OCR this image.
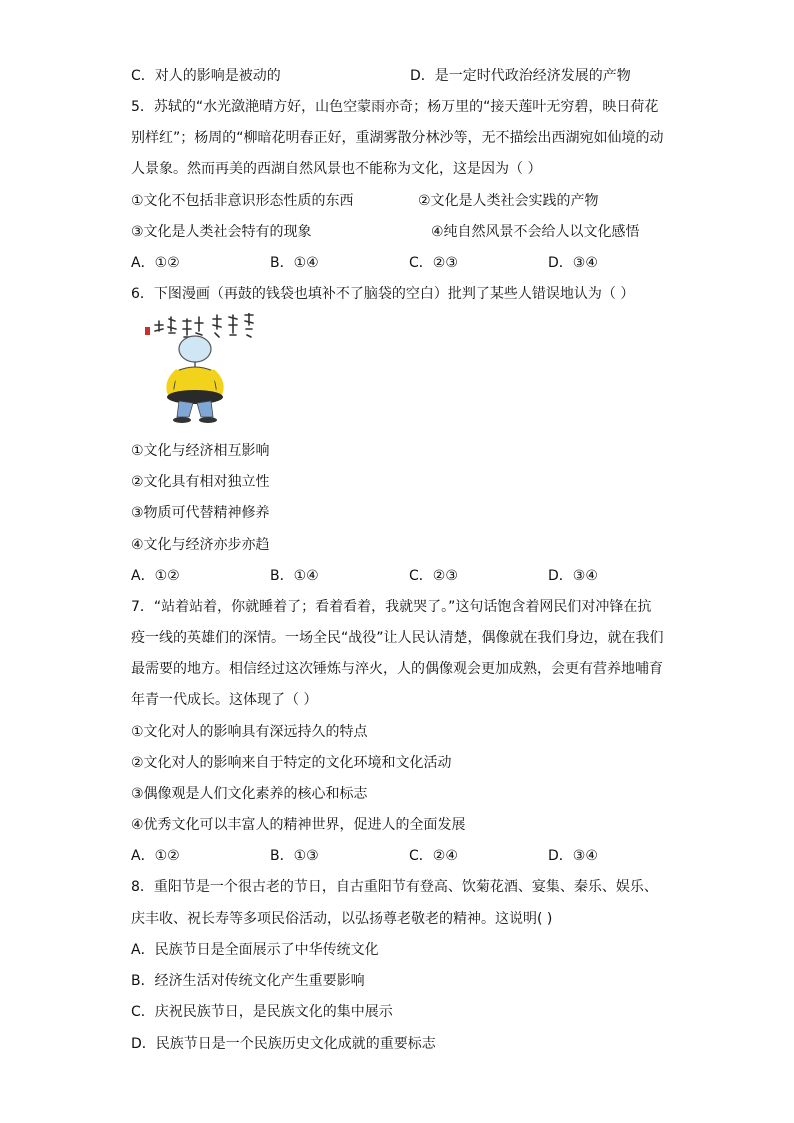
C．对人的影响是被动的	D．是一定时代政治经济发展的产物
5．苏轼的“水光潋滟晴方好，山色空蒙雨亦奇；杨万里的“接天莲叶无穷碧，映日荷花
别样红”；杨周的“柳暗花明春正好，重湖雾散分林沙等，无不描绘出西湖宛如仙境的动
人景象。然而再美的西湖自然风景也不能称为文化，这是因为（ ）
①文化不包括非意识形态性质的东西	②文化是人类社会实践的产物
③文化是人类社会特有的现象	④纯自然风景不会给人以文化感悟
A．①②	B．①④	C．②③	D．③④
6．下图漫画（再鼓的钱袋也填补不了脑袋的空白）批判了某些人错误地认为（ ）
①文化与经济相互影响
②文化具有相对独立性
③物质可代替精神修养
④文化与经济亦步亦趋
A．①②	B．①④	C．②③	D．③④
7．“站着站着，你就睡着了；看着看着，我就哭了。”这句话饱含着网民们对冲锋在抗
疫一线的英雄们的深情。一场全民“战役”让人民认清楚，偶像就在我们身边，就在我们
最需要的地方。相信经过这次锤炼与淬火，人的偶像观会更加成熟，会更有营养地哺育
年青一代成长。这体现了（ ）
①文化对人的影响具有深远持久的特点
②文化对人的影响来自于特定的文化环境和文化活动
③偶像观是人们文化素养的核心和标志
④优秀文化可以丰富人的精神世界，促进人的全面发展
A．①②	B．①③	C．②④	D．③④
8．重阳节是一个很古老的节日，自古重阳节有登高、饮菊花酒、宴集、秦乐、娱乐、
庆丰收、祝长寿等多项民俗活动，以弘扬尊老敬老的精神。这说明( )
A．民族节日是全面展示了中华传统文化
B．经济生活对传统文化产生重要影响
C．庆祝民族节日，是民族文化的集中展示
D．民族节日是一个民族历史文化成就的重要标志
